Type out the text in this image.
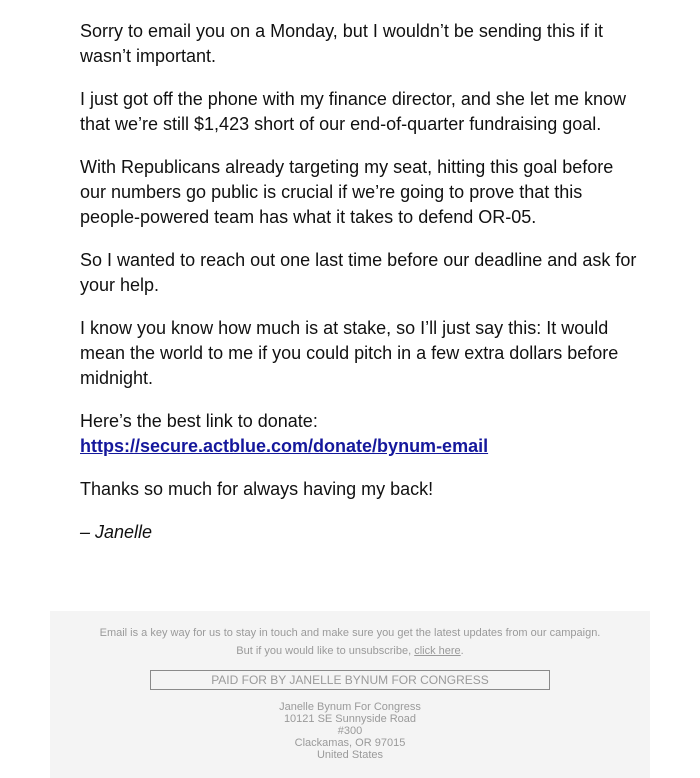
Sorry to email you on a Monday, but I wouldn’t be sending this if it wasn’t important.

I just got off the phone with my finance director, and she let me know that we’re still $1,423 short of our end-of-quarter fundraising goal.

With Republicans already targeting my seat, hitting this goal before our numbers go public is crucial if we’re going to prove that this people-powered team has what it takes to defend OR-05.

So I wanted to reach out one last time before our deadline and ask for your help.

I know you know how much is at stake, so I’ll just say this: It would mean the world to me if you could pitch in a few extra dollars before midnight.

Here’s the best link to donate:
https://secure.actblue.com/donate/bynum-email

Thanks so much for always having my back!

– Janelle

Email is a key way for us to stay in touch and make sure you get the latest updates from our campaign.
But if you would like to unsubscribe, click here.

PAID FOR BY JANELLE BYNUM FOR CONGRESS
Janelle Bynum For Congress
10121 SE Sunnyside Road
#300
Clackamas, OR 97015
United States
